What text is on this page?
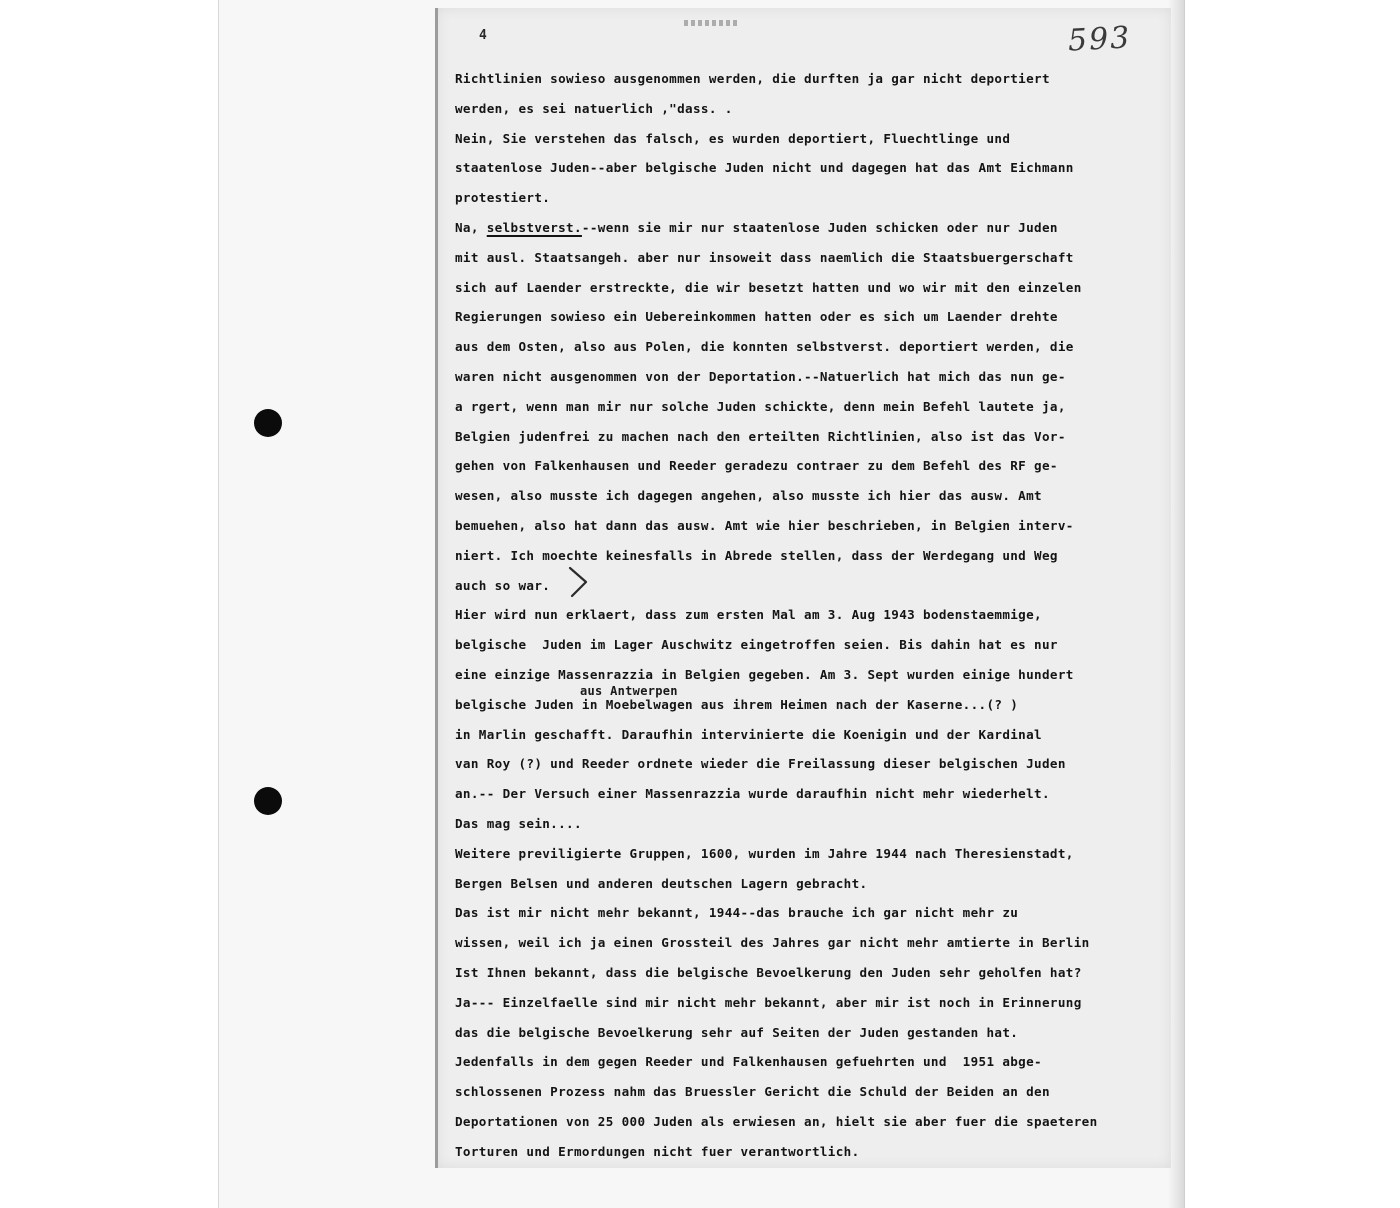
4	593
Richtlinien sowieso ausgenommen werden, die durften ja gar nicht deportiert
werden, es sei natuerlich ,"dass. .
Nein, Sie verstehen das falsch, es wurden deportiert, Fluechtlinge und
staatenlose Juden--aber belgische Juden nicht und dagegen hat das Amt Eichmann
protestiert.
Na, selbstverst.--wenn sie mir nur staatenlose Juden schicken oder nur Juden
mit ausl. Staatsangeh. aber nur insoweit dass naemlich die Staatsbuergerschaft
sich auf Laender erstreckte, die wir besetzt hatten und wo wir mit den einzelen
Regierungen sowieso ein Uebereinkommen hatten oder es sich um Laender drehte
aus dem Osten, also aus Polen, die konnten selbstverst. deportiert werden, die
waren nicht ausgenommen von der Deportation.--Natuerlich hat mich das nun ge-
a rgert, wenn man mir nur solche Juden schickte, denn mein Befehl lautete ja,
Belgien judenfrei zu machen nach den erteilten Richtlinien, also ist das Vor-
gehen von Falkenhausen und Reeder geradezu contraer zu dem Befehl des RF ge-
wesen, also musste ich dagegen angehen, also musste ich hier das ausw. Amt
bemuehen, also hat dann das ausw. Amt wie hier beschrieben, in Belgien interv-
niert. Ich moechte keinesfalls in Abrede stellen, dass der Werdegang und Weg
auch so war.
Hier wird nun erklaert, dass zum ersten Mal am 3. Aug 1943 bodenstaemmige,
belgische  Juden im Lager Auschwitz eingetroffen seien. Bis dahin hat es nur
eine einzige Massenrazzia in Belgien gegeben. Am 3. Sept wurden einige hundert
belgische Juden in Moebelwagen aus ihrem Heimen nach der Kaserne...(? )
in Marlin geschafft. Daraufhin intervinierte die Koenigin und der Kardinal
van Roy (?) und Reeder ordnete wieder die Freilassung dieser belgischen Juden
an.-- Der Versuch einer Massenrazzia wurde daraufhin nicht mehr wiederhelt.
Das mag sein....
Weitere previligierte Gruppen, 1600, wurden im Jahre 1944 nach Theresienstadt,
Bergen Belsen und anderen deutschen Lagern gebracht.
Das ist mir nicht mehr bekannt, 1944--das brauche ich gar nicht mehr zu
wissen, weil ich ja einen Grossteil des Jahres gar nicht mehr amtierte in Berlin
Ist Ihnen bekannt, dass die belgische Bevoelkerung den Juden sehr geholfen hat?
Ja--- Einzelfaelle sind mir nicht mehr bekannt, aber mir ist noch in Erinnerung
das die belgische Bevoelkerung sehr auf Seiten der Juden gestanden hat.
Jedenfalls in dem gegen Reeder und Falkenhausen gefuehrten und  1951 abge-
schlossenen Prozess nahm das Bruessler Gericht die Schuld der Beiden an den
Deportationen von 25 000 Juden als erwiesen an, hielt sie aber fuer die spaeteren
Torturen und Ermordungen nicht fuer verantwortlich.
aus Antwerpen
